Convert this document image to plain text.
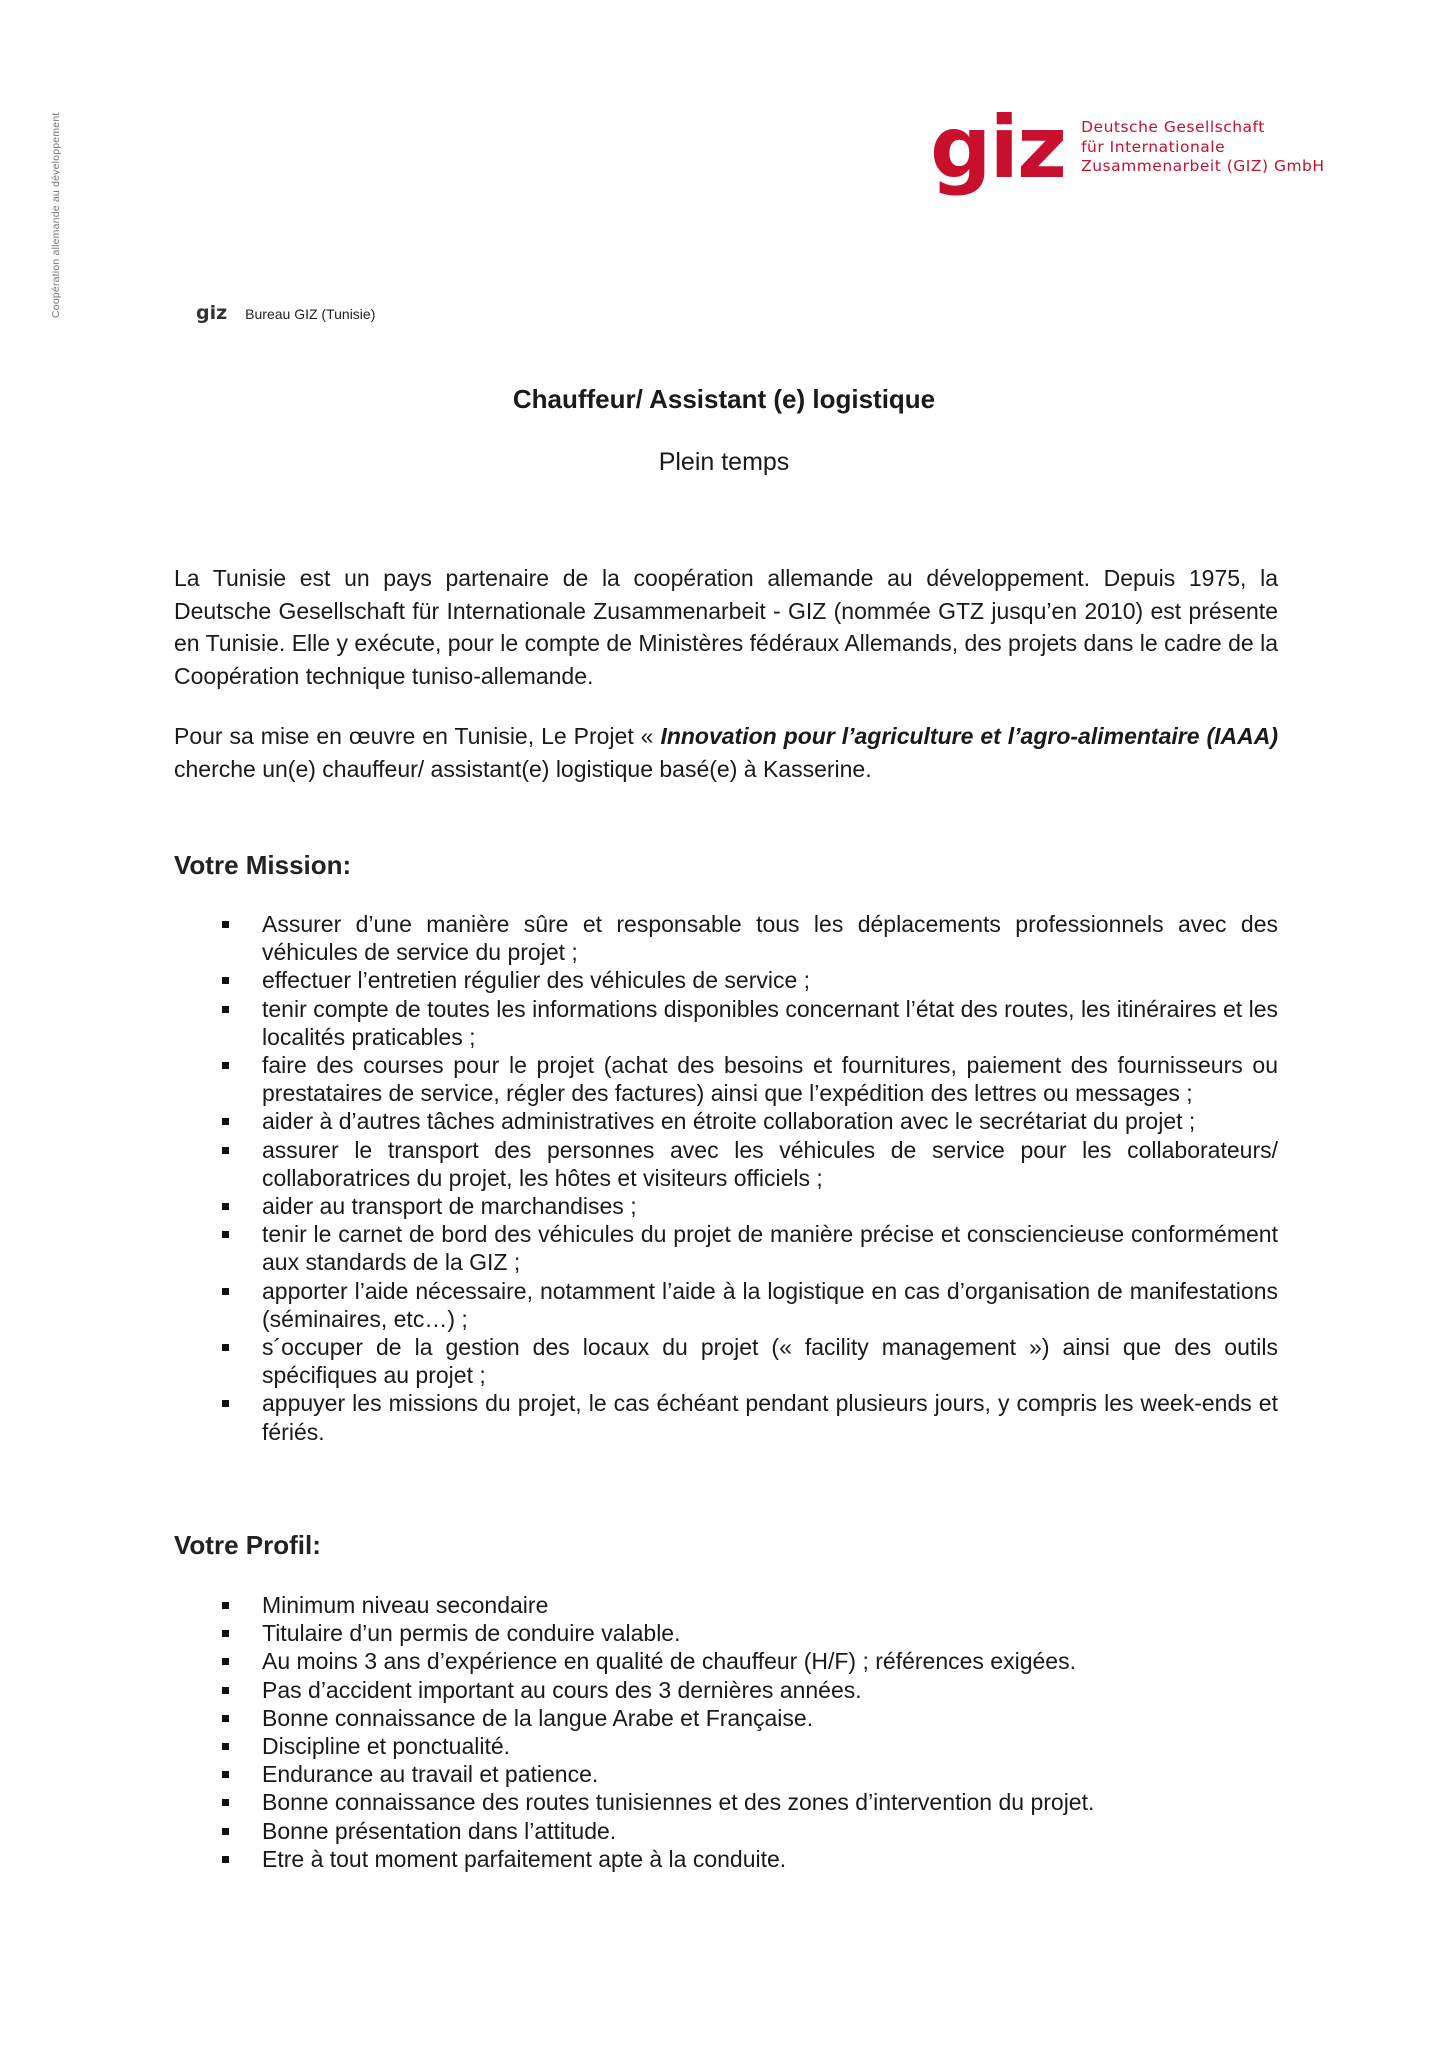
Coopération allemande au développement	giz Deutsche Gesellschaft
für Internationale
Zusammenarbeit (GIZ) GmbH
giz Bureau GIZ (Tunisie)
Chauffeur/ Assistant (e) logistique
Plein temps

La Tunisie est un pays partenaire de la coopération allemande au développement. Depuis 1975, la Deutsche Gesellschaft für Internationale Zusammenarbeit - GIZ (nommée GTZ jusqu’en 2010) est présente en Tunisie. Elle y exécute, pour le compte de Ministères fédéraux Allemands, des projets dans le cadre de la Coopération technique tuniso-allemande.

Pour sa mise en œuvre en Tunisie, Le Projet « Innovation pour l’agriculture et l’agro-alimentaire (IAAA) cherche un(e) chauffeur/ assistant(e) logistique basé(e) à Kasserine.

Votre Mission:
Assurer d’une manière sûre et responsable tous les déplacements professionnels avec des véhicules de service du projet ;
effectuer l’entretien régulier des véhicules de service ;
tenir compte de toutes les informations disponibles concernant l’état des routes, les itinéraires et les localités praticables ;
faire des courses pour le projet (achat des besoins et fournitures, paiement des fournisseurs ou prestataires de service, régler des factures) ainsi que l’expédition des lettres ou messages ;
aider à d’autres tâches administratives en étroite collaboration avec le secrétariat du projet ;
assurer le transport des personnes avec les véhicules de service pour les collaborateurs/ collaboratrices du projet, les hôtes et visiteurs officiels ;
aider au transport de marchandises ;
tenir le carnet de bord des véhicules du projet de manière précise et consciencieuse conformément aux standards de la GIZ ;
apporter l’aide nécessaire, notamment l’aide à la logistique en cas d’organisation de manifestations (séminaires, etc…) ;
s´occuper de la gestion des locaux du projet (« facility management ») ainsi que des outils spécifiques au projet ;
appuyer les missions du projet, le cas échéant pendant plusieurs jours, y compris les week-ends et fériés.
Votre Profil:
Minimum niveau secondaire
Titulaire d’un permis de conduire valable.
Au moins 3 ans d’expérience en qualité de chauffeur (H/F) ; références exigées.
Pas d’accident important au cours des 3 dernières années.
Bonne connaissance de la langue Arabe et Française.
Discipline et ponctualité.
Endurance au travail et patience.
Bonne connaissance des routes tunisiennes et des zones d’intervention du projet.
Bonne présentation dans l’attitude.
Etre à tout moment parfaitement apte à la conduite.
